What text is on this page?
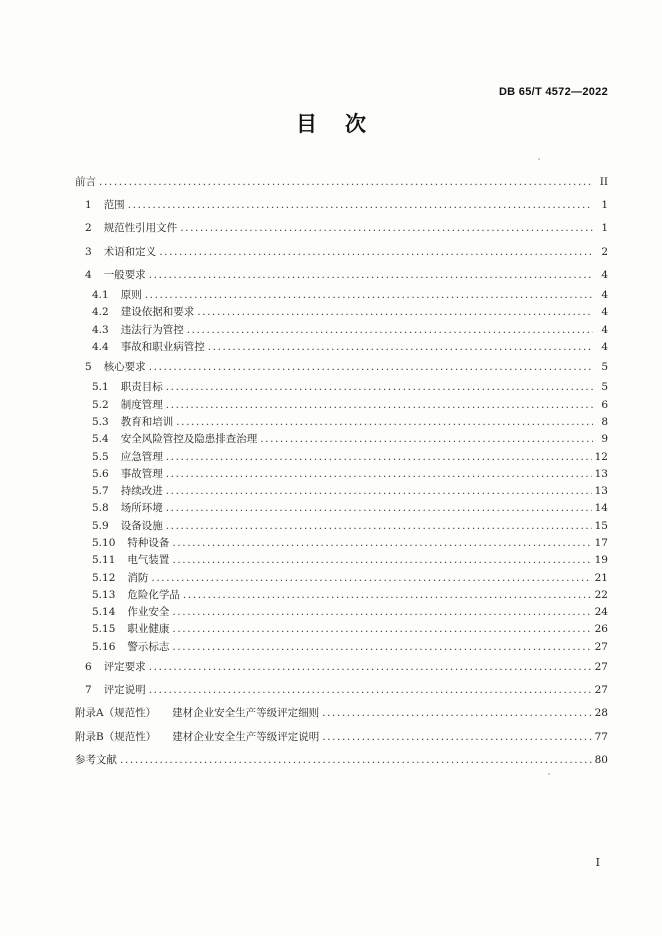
DB 65/T 4572—2022
目次
前言 .....	II
1 范围 .....	1
2 规范性引用文件 .....	1
3 术语和定义 .....	2
4 一般要求 .....	4
4.1 原则 .....	4
4.2 建设依据和要求 .....	4
4.3 违法行为管控 .....	4
4.4 事故和职业病管控 .....	4
5 核心要求 .....	5
5.1 职责目标 .....	5
5.2 制度管理 .....	6
5.3 教育和培训 .....	8
5.4 安全风险管控及隐患排查治理 .....	9
5.5 应急管理 .....	12
5.6 事故管理 .....	13
5.7 持续改进 .....	13
5.8 场所环境 .....	14
5.9 设备设施 .....	15
5.10 特种设备 .....	17
5.11 电气装置 .....	19
5.12 消防 .....	21
5.13 危险化学品 .....	22
5.14 作业安全 .....	24
5.15 职业健康 .....	26
5.16 警示标志 .....	27
6 评定要求 .....	27
7 评定说明 .....	27
附录A （规范性） 建材企业安全生产等级评定细则 .....	28
附录B （规范性） 建材企业安全生产等级评定说明 .....	77
参考文献 .....	80
I
